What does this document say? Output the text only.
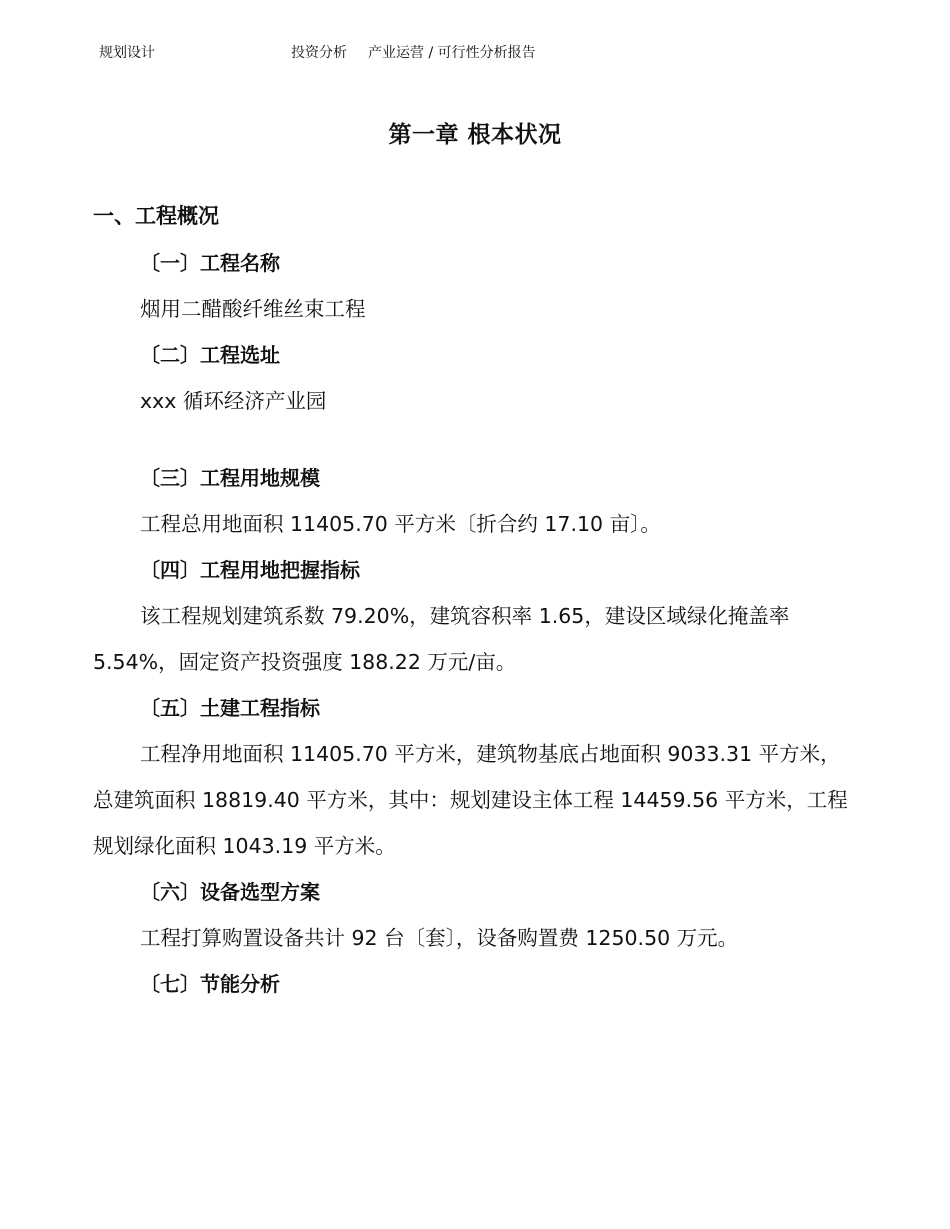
规划设计	投资分析 产业运营 / 可行性分析报告
第一章 根本状况
一、工程概况

〔一〕工程名称

烟用二醋酸纤维丝束工程

〔二〕工程选址

xxx 循环经济产业园

〔三〕工程用地规模

工程总用地面积 11405.70 平方米〔折合约 17.10 亩〕。

〔四〕工程用地把握指标

该工程规划建筑系数 79.20%，建筑容积率 1.65，建设区域绿化掩盖率 5.54%，固定资产投资强度 188.22 万元/亩。

〔五〕土建工程指标

工程净用地面积 11405.70 平方米，建筑物基底占地面积 9033.31 平方米，总建筑面积 18819.40 平方米，其中：规划建设主体工程 14459.56 平方米，工程规划绿化面积 1043.19 平方米。

〔六〕设备选型方案

工程打算购置设备共计 92 台〔套〕，设备购置费 1250.50 万元。

〔七〕节能分析
